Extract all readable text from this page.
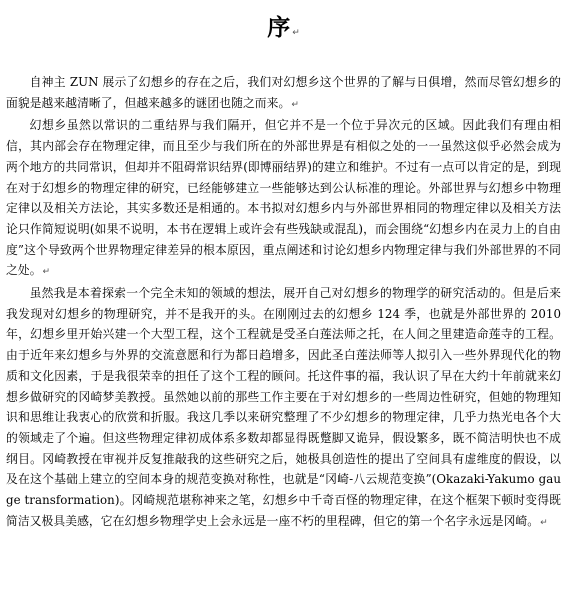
序↵

自神主 ZUN 展示了幻想乡的存在之后，我们对幻想乡这个世界的了解与日俱增，然而尽管幻想乡的面貌是越来越清晰了，但越来越多的谜团也随之而来。↵

幻想乡虽然以常识的二重结界与我们隔开，但它并不是一个位于异次元的区域。因此我们有理由相信，其内部会存在物理定律，而且至少与我们所在的外部世界是有相似之处的一一虽然这似乎必然会成为两个地方的共同常识，但却并不阻碍常识结界(即博丽结界)的建立和维护。不过有一点可以肯定的是，到现在对于幻想乡的物理定律的研究，已经能够建立一些能够达到公认标准的理论。外部世界与幻想乡中物理定律以及相关方法论，其实多数还是相通的。本书拟对幻想乡内与外部世界相同的物理定律以及相关方法论只作简短说明(如果不说明，本书在逻辑上或许会有些残缺或混乱)，而会围绕“幻想乡内在灵力上的自由度”这个导致两个世界物理定律差异的根本原因，重点阐述和讨论幻想乡内物理定律与我们外部世界的不同之处。↵

虽然我是本着探索一个完全未知的领域的想法，展开自己对幻想乡的物理学的研究活动的。但是后来我发现对幻想乡的物理研究，并不是我开的头。在刚刚过去的幻想乡 124 季，也就是外部世界的 2010 年，幻想乡里开始兴建一个大型工程，这个工程就是受圣白莲法师之托，在人间之里建造命莲寺的工程。由于近年来幻想乡与外界的交流意愿和行为都日趋增多，因此圣白莲法师等人拟引入一些外界现代化的物质和文化因素，于是我很荣幸的担任了这个工程的顾问。托这件事的福，我认识了早在大约十年前就来幻想乡做研究的冈崎梦美教授。虽然她以前的那些工作主要在于对幻想乡的一些周边性研究，但她的物理知识和思维让我衷心的欣赏和折服。我这几季以来研究整理了不少幻想乡的物理定律，几乎力热光电各个大的领域走了个遍。但这些物理定律初成体系多数却都显得既蹩脚又诡异，假设繁多，既不简洁明快也不成纲目。冈崎教授在审视并反复推敲我的这些研究之后，她极具创造性的提出了空间具有虚维度的假设，以及在这个基础上建立的空间本身的规范变换对称性，也就是“冈崎-八云规范变换”(Okazaki-Yakumo gauge transformation)。冈崎规范堪称神来之笔，幻想乡中千奇百怪的物理定律，在这个框架下顿时变得既简洁又极具美感，它在幻想乡物理学史上会永远是一座不朽的里程碑，但它的第一个名字永远是冈崎。↵
